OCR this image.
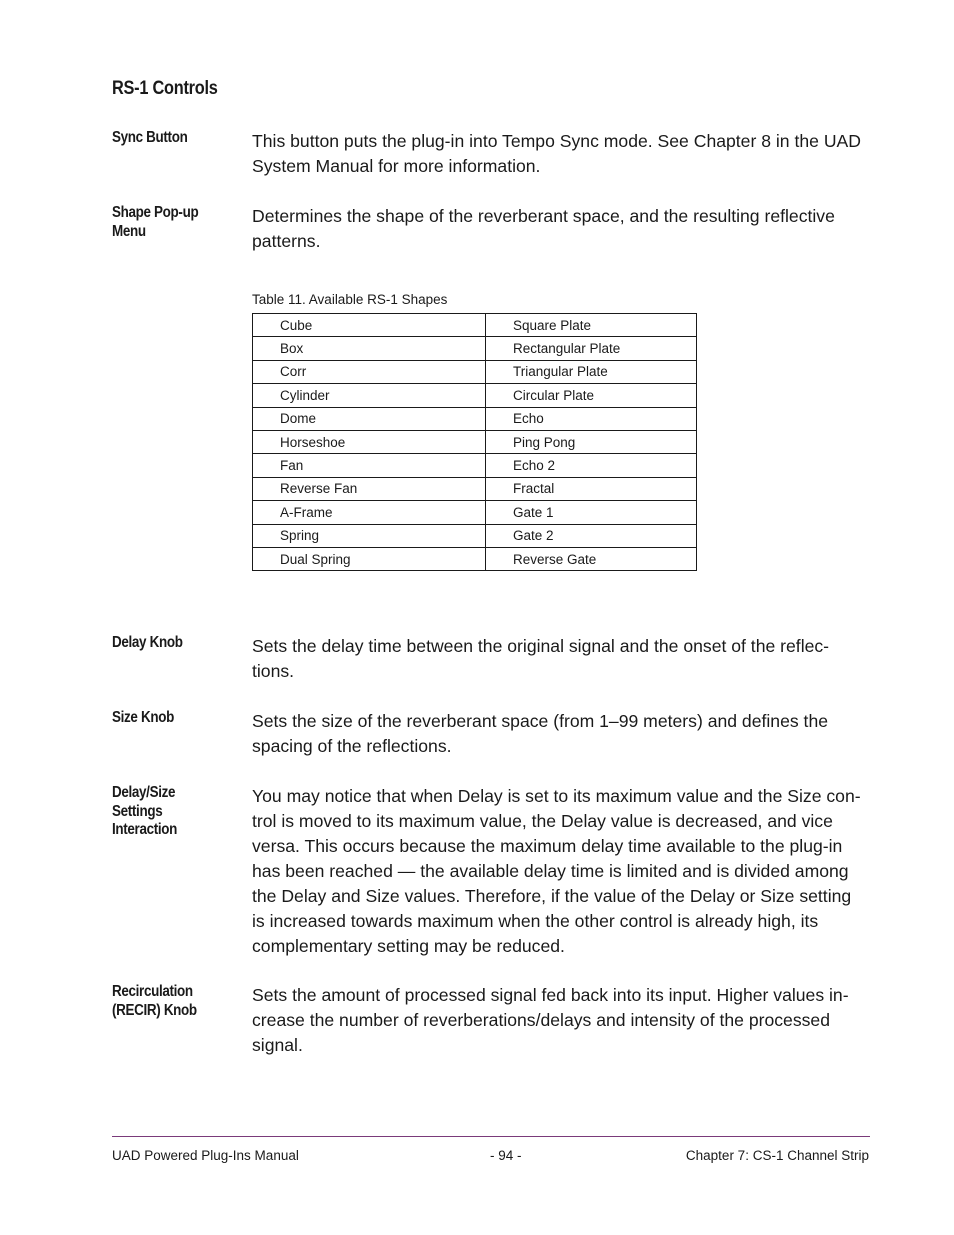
RS-1 Controls
Sync Button	This button puts the plug-in into Tempo Sync mode. See Chapter 8 in the UAD
System Manual for more information.

Shape Pop-up
Menu

Determines the shape of the reverberant space, and the resulting reflective
patterns.

Table 11. Available RS-1 Shapes
Cube	Square Plate
Box	Rectangular Plate
Corr	Triangular Plate
Cylinder	Circular Plate
Dome	Echo
Horseshoe	Ping Pong
Fan	Echo 2
Reverse Fan	Fractal
A-Frame	Gate 1
Spring	Gate 2
Dual Spring	Reverse Gate
Delay Knob	Sets the delay time between the original signal and the onset of the reflec-
tions.

Size Knob	Sets the size of the reverberant space (from 1–99 meters) and defines the
spacing of the reflections.

Delay/Size
Settings
Interaction

You may notice that when Delay is set to its maximum value and the Size con-
trol is moved to its maximum value, the Delay value is decreased, and vice
versa. This occurs because the maximum delay time available to the plug-in
has been reached — the available delay time is limited and is divided among
the Delay and Size values. Therefore, if the value of the Delay or Size setting
is increased towards maximum when the other control is already high, its
complementary setting may be reduced.

Recirculation
(RECIR) Knob

Sets the amount of processed signal fed back into its input. Higher values in-
crease the number of reverberations/delays and intensity of the processed
signal.

UAD Powered Plug-Ins Manual	- 94 -	Chapter 7: CS-1 Channel Strip
